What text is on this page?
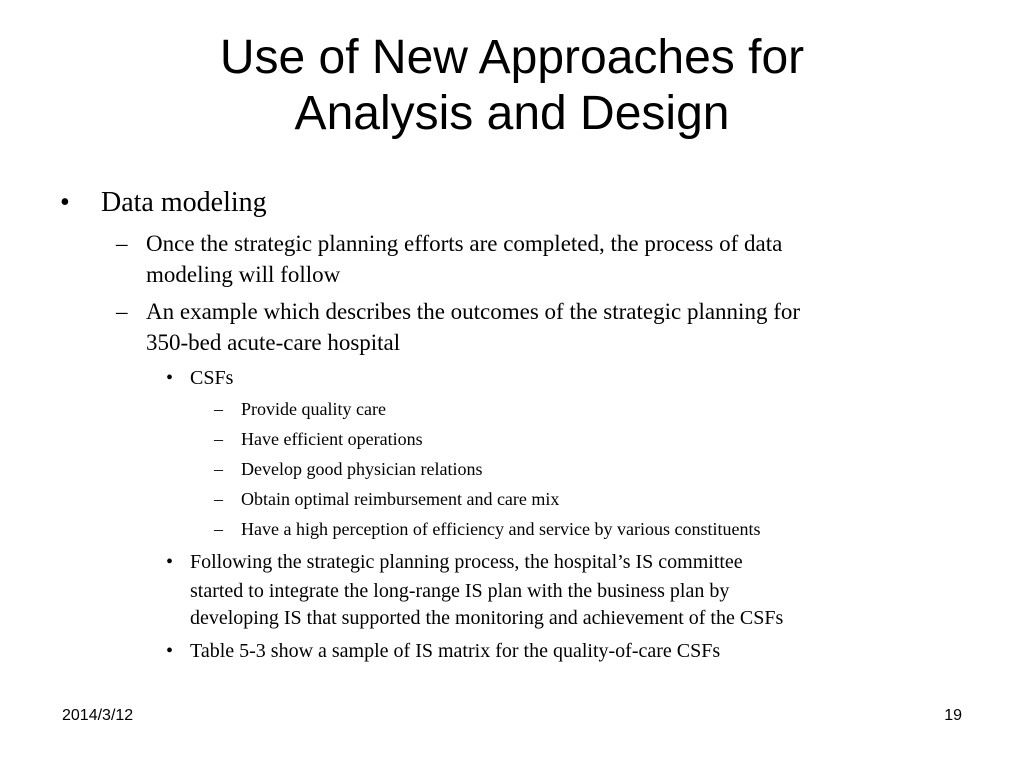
Use of New Approaches for
Analysis and Design
• Data modeling
– Once the strategic planning efforts are completed, the process of data
modeling will follow
– An example which describes the outcomes of the strategic planning for
350-bed acute-care hospital
• CSFs
– Provide quality care
– Have efficient operations
– Develop good physician relations
– Obtain optimal reimbursement and care mix
– Have a high perception of efficiency and service by various constituents
• Following the strategic planning process, the hospital’s IS committee
started to integrate the long-range IS plan with the business plan by
developing IS that supported the monitoring and achievement of the CSFs
• Table 5-3 show a sample of IS matrix for the quality-of-care CSFs
2014/3/12	19
